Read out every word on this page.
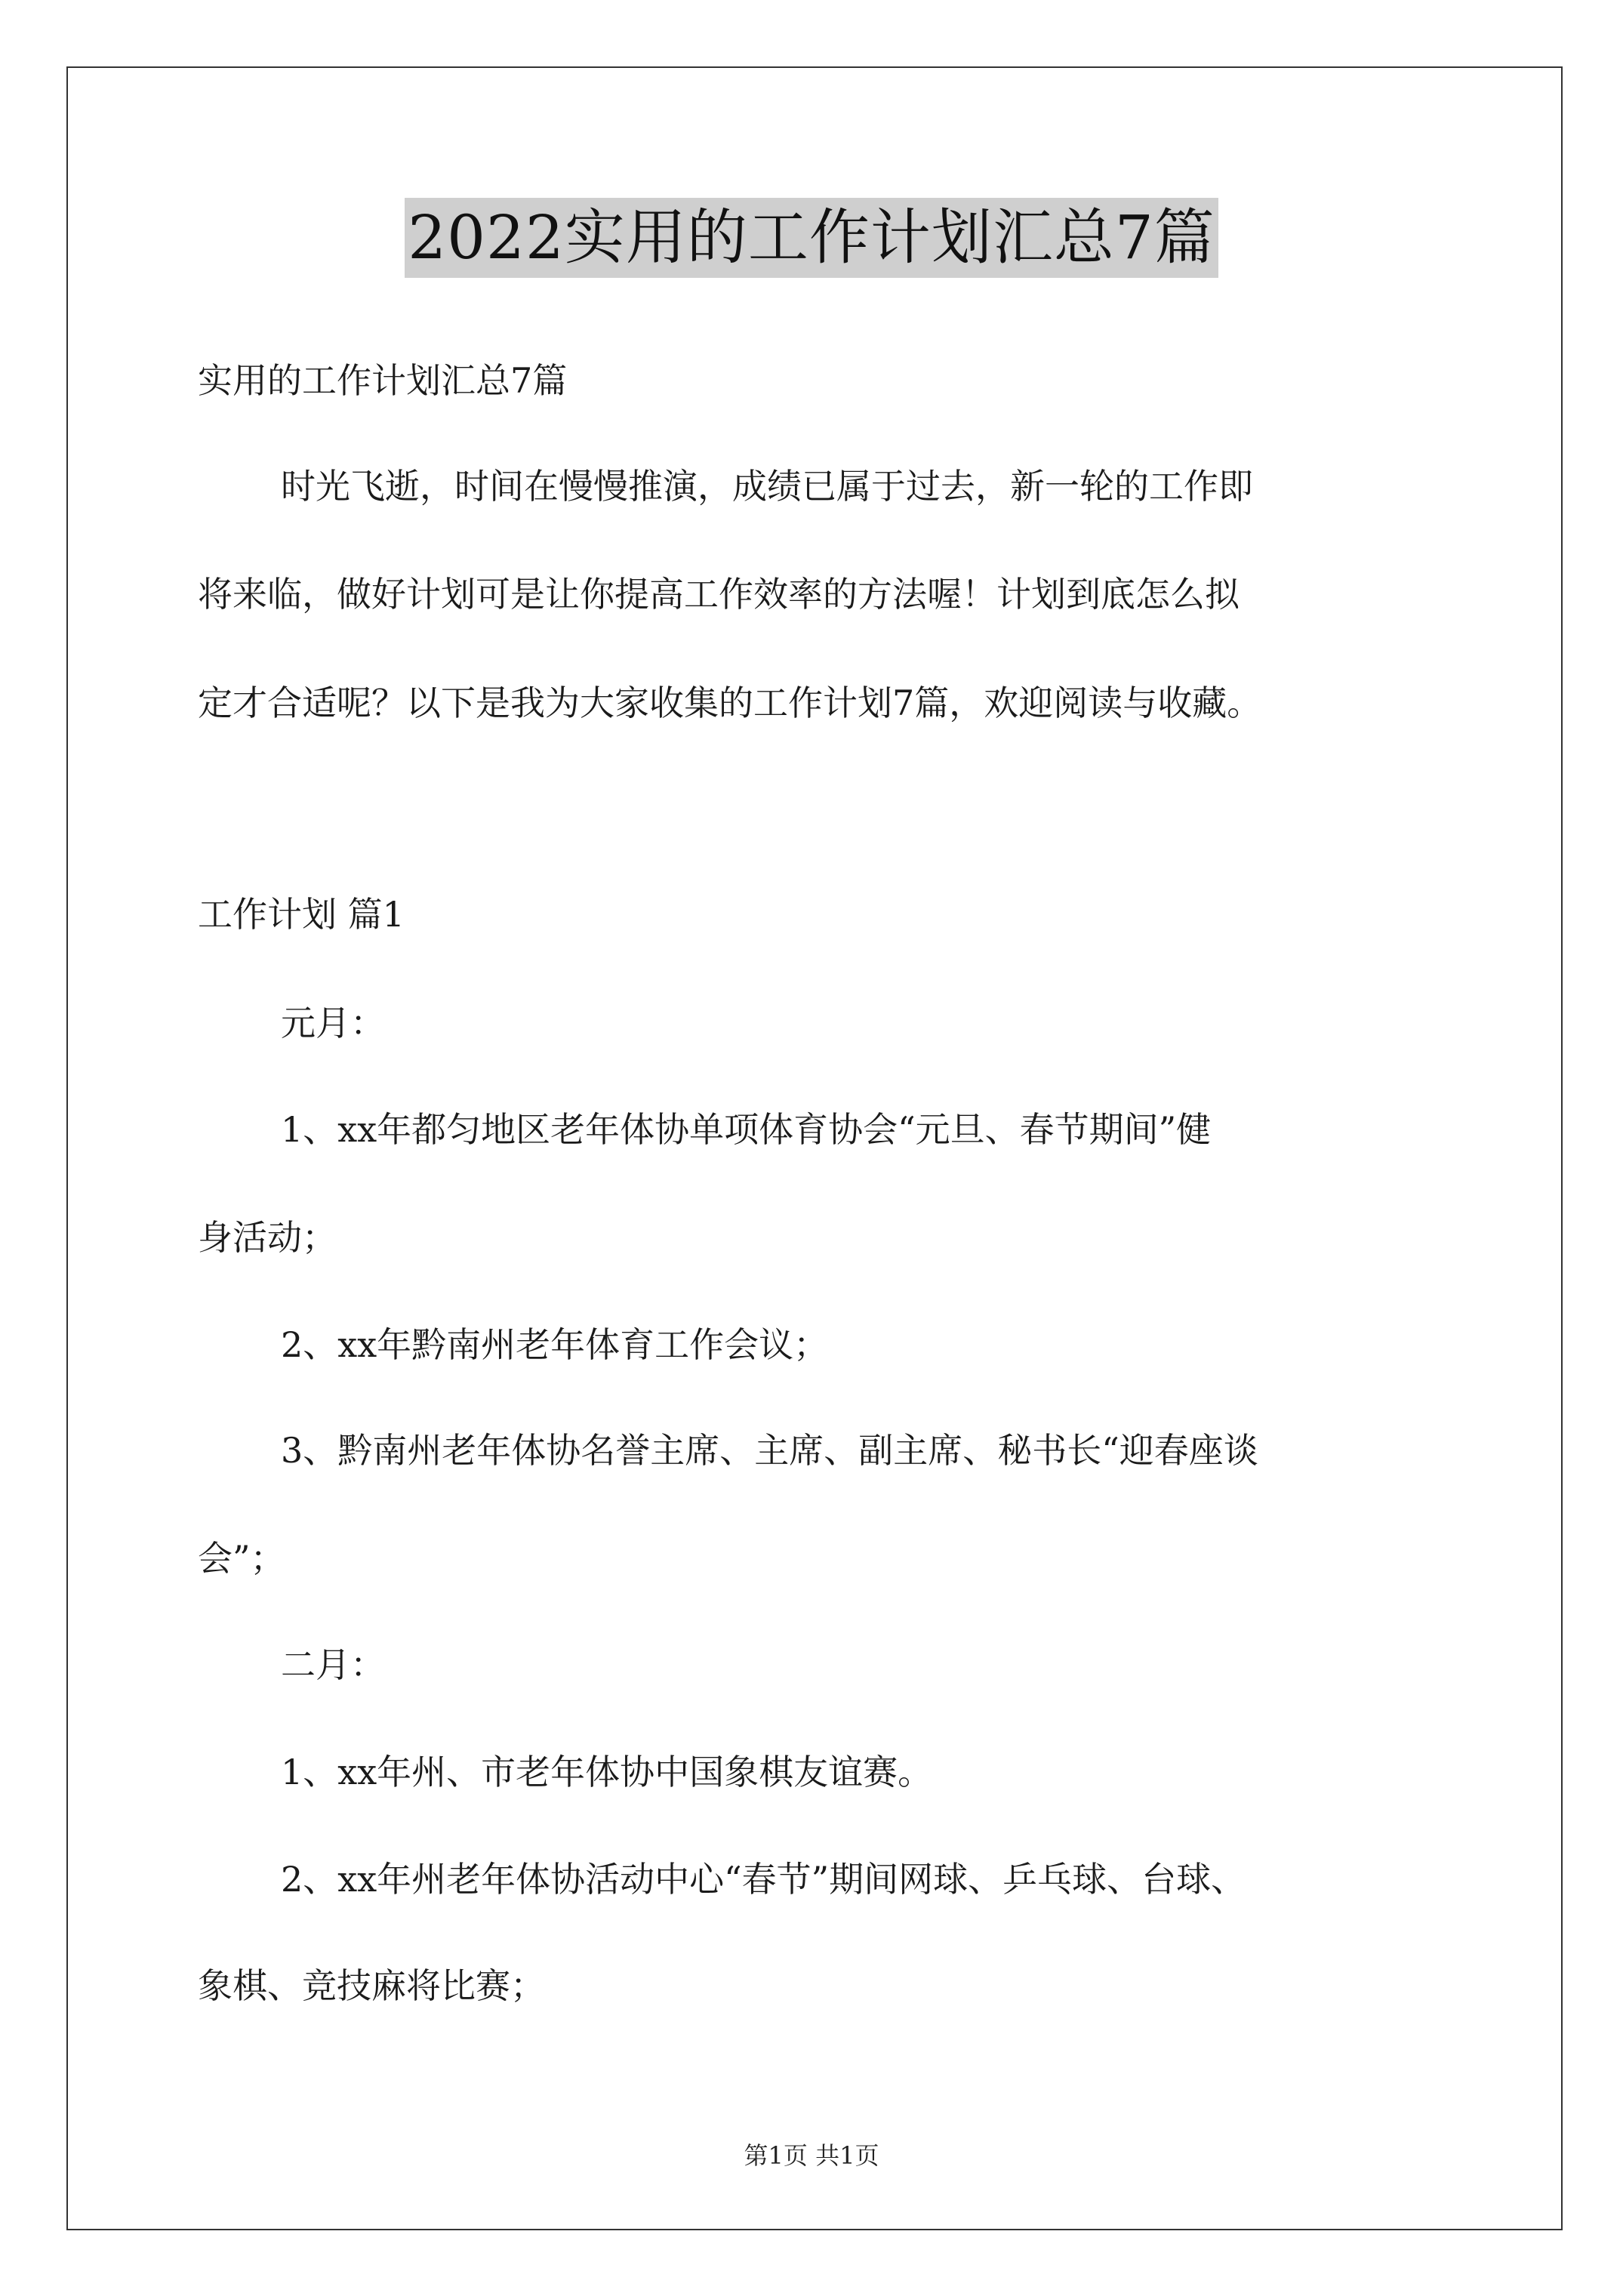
2022实用的工作计划汇总7篇
实用的工作计划汇总7篇
时光飞逝，时间在慢慢推演，成绩已属于过去，新一轮的工作即
将来临，做好计划可是让你提高工作效率的方法喔！计划到底怎么拟
定才合适呢？以下是我为大家收集的工作计划7篇，欢迎阅读与收藏。
工作计划 篇1
元月：
1、xx年都匀地区老年体协单项体育协会“元旦、春节期间”健
身活动；
2、xx年黔南州老年体育工作会议；
3、黔南州老年体协名誉主席、主席、副主席、秘书长“迎春座谈
会”；
二月：
1、xx年州、市老年体协中国象棋友谊赛。
2、xx年州老年体协活动中心“春节”期间网球、乒乓球、台球、
象棋、竞技麻将比赛；
第1页 共1页
